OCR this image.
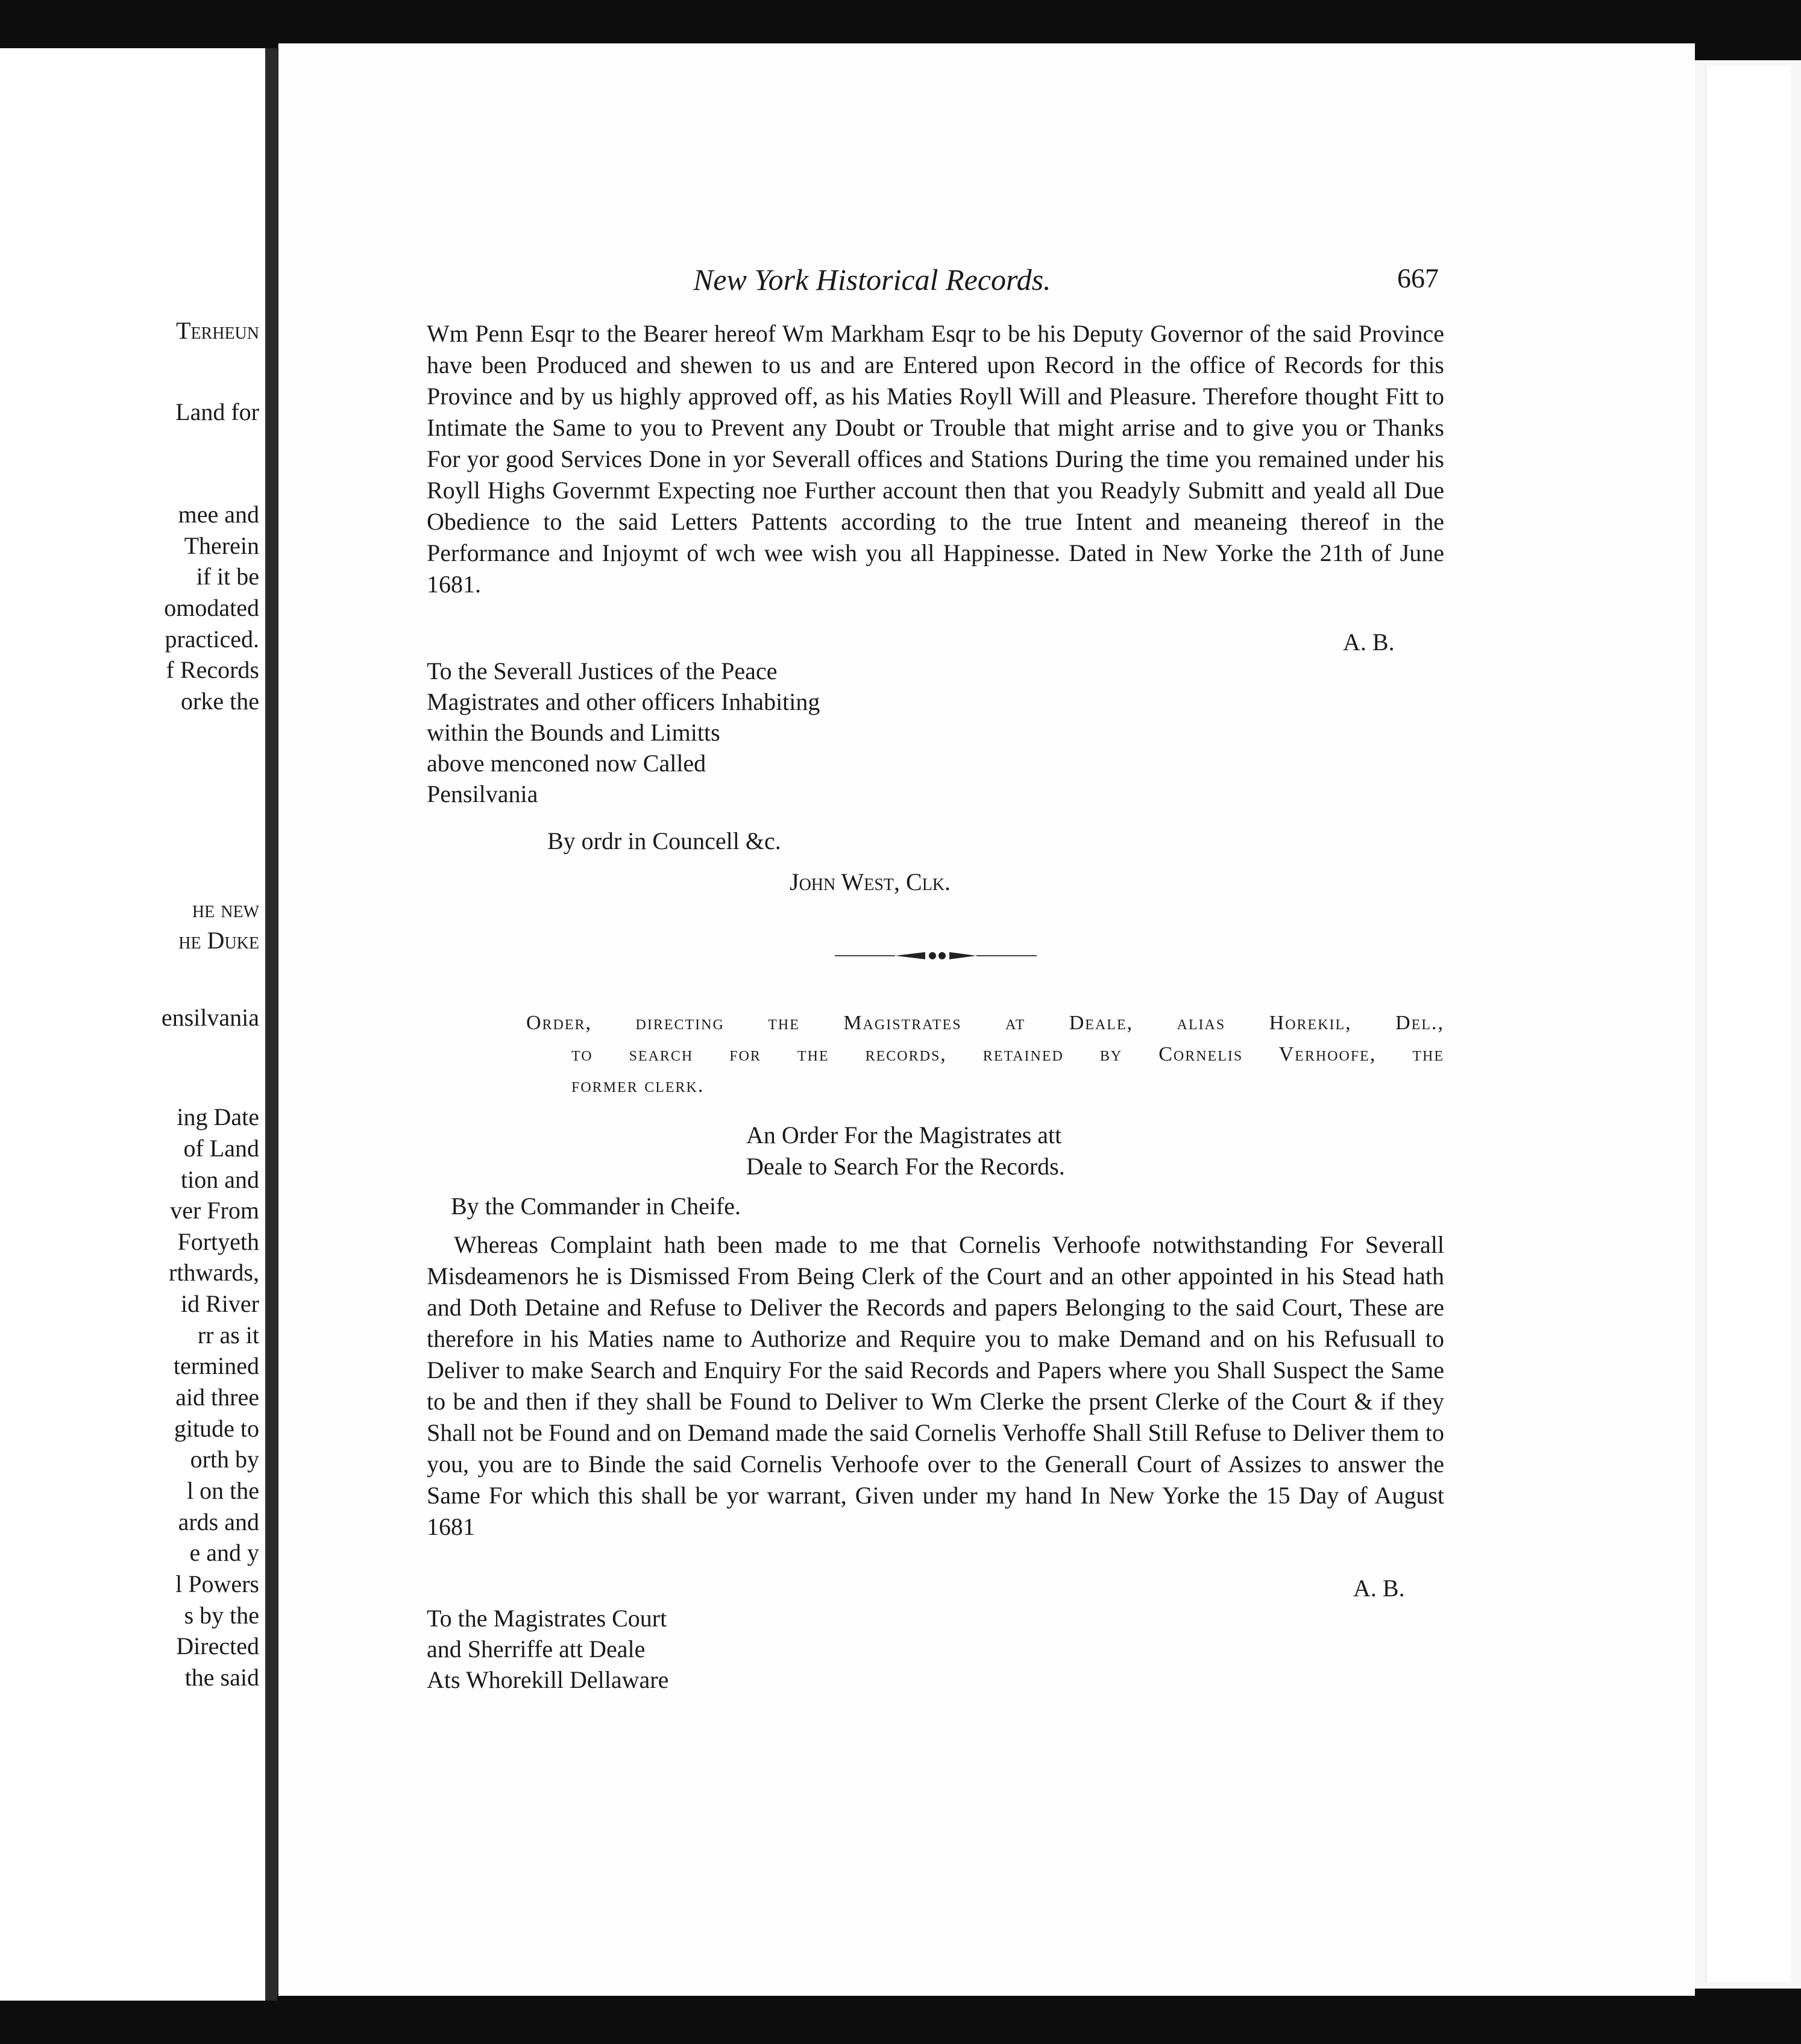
Terheun
Land for
mee and
Therein
if it be
omodated
practiced.
f Records
orke the
he new
he Duke
ensilvania
ing Date
of Land
tion and
ver From
Fortyeth
rthwards,
id River
rr as it
termined
aid three
gitude to
orth by
l on the
ards and
e and y
l Powers
s by the
Directed
the said
New York Historical Records.	667

Wm Penn Esqr to the Bearer hereof Wm Markham Esqr to be his Deputy Governor of the said Province have been Produced and shewen to us and are Entered upon Record in the office of Records for this Province and by us highly approved off, as his Maties Royll Will and Pleasure. Therefore thought Fitt to Intimate the Same to you to Prevent any Doubt or Trouble that might arrise and to give you or Thanks For yor good Services Done in yor Severall offices and Stations During the time you remained under his Royll Highs Governmt Expecting noe Further account then that you Readyly Submitt and yeald all Due Obedience to the said Letters Pattents according to the true Intent and meaneing thereof in the Performance and Injoymt of wch wee wish you all Happinesse. Dated in New Yorke the 21th of June 1681.

A. B.
To the Severall Justices of the Peace
Magistrates and other officers Inhabiting
within the Bounds and Limitts
above menconed now Called
Pensilvania
By ordr in Councell &c.
John West, Clk.
Order, directing the Magistrates at Deale, alias Horekil, Del.,
to search for the records, retained by Cornelis Verhoofe, the
former clerk.
An Order For the Magistrates att
Deale to Search For the Records.
By the Commander in Cheife.

Whereas Complaint hath been made to me that Cornelis Verhoofe notwithstanding For Severall Misdeamenors he is Dismissed From Being Clerk of the Court and an other appointed in his Stead hath and Doth Detaine and Refuse to Deliver the Records and papers Belonging to the said Court, These are therefore in his Maties name to Authorize and Require you to make Demand and on his Refusuall to Deliver to make Search and Enquiry For the said Records and Papers where you Shall Suspect the Same to be and then if they shall be Found to Deliver to Wm Clerke the prsent Clerke of the Court & if they Shall not be Found and on Demand made the said Cornelis Verhoffe Shall Still Refuse to Deliver them to you, you are to Binde the said Cornelis Verhoofe over to the Generall Court of Assizes to answer the Same For which this shall be yor warrant, Given under my hand In New Yorke the 15 Day of August 1681

A. B.
To the Magistrates Court
and Sherriffe att Deale
Ats Whorekill Dellaware
